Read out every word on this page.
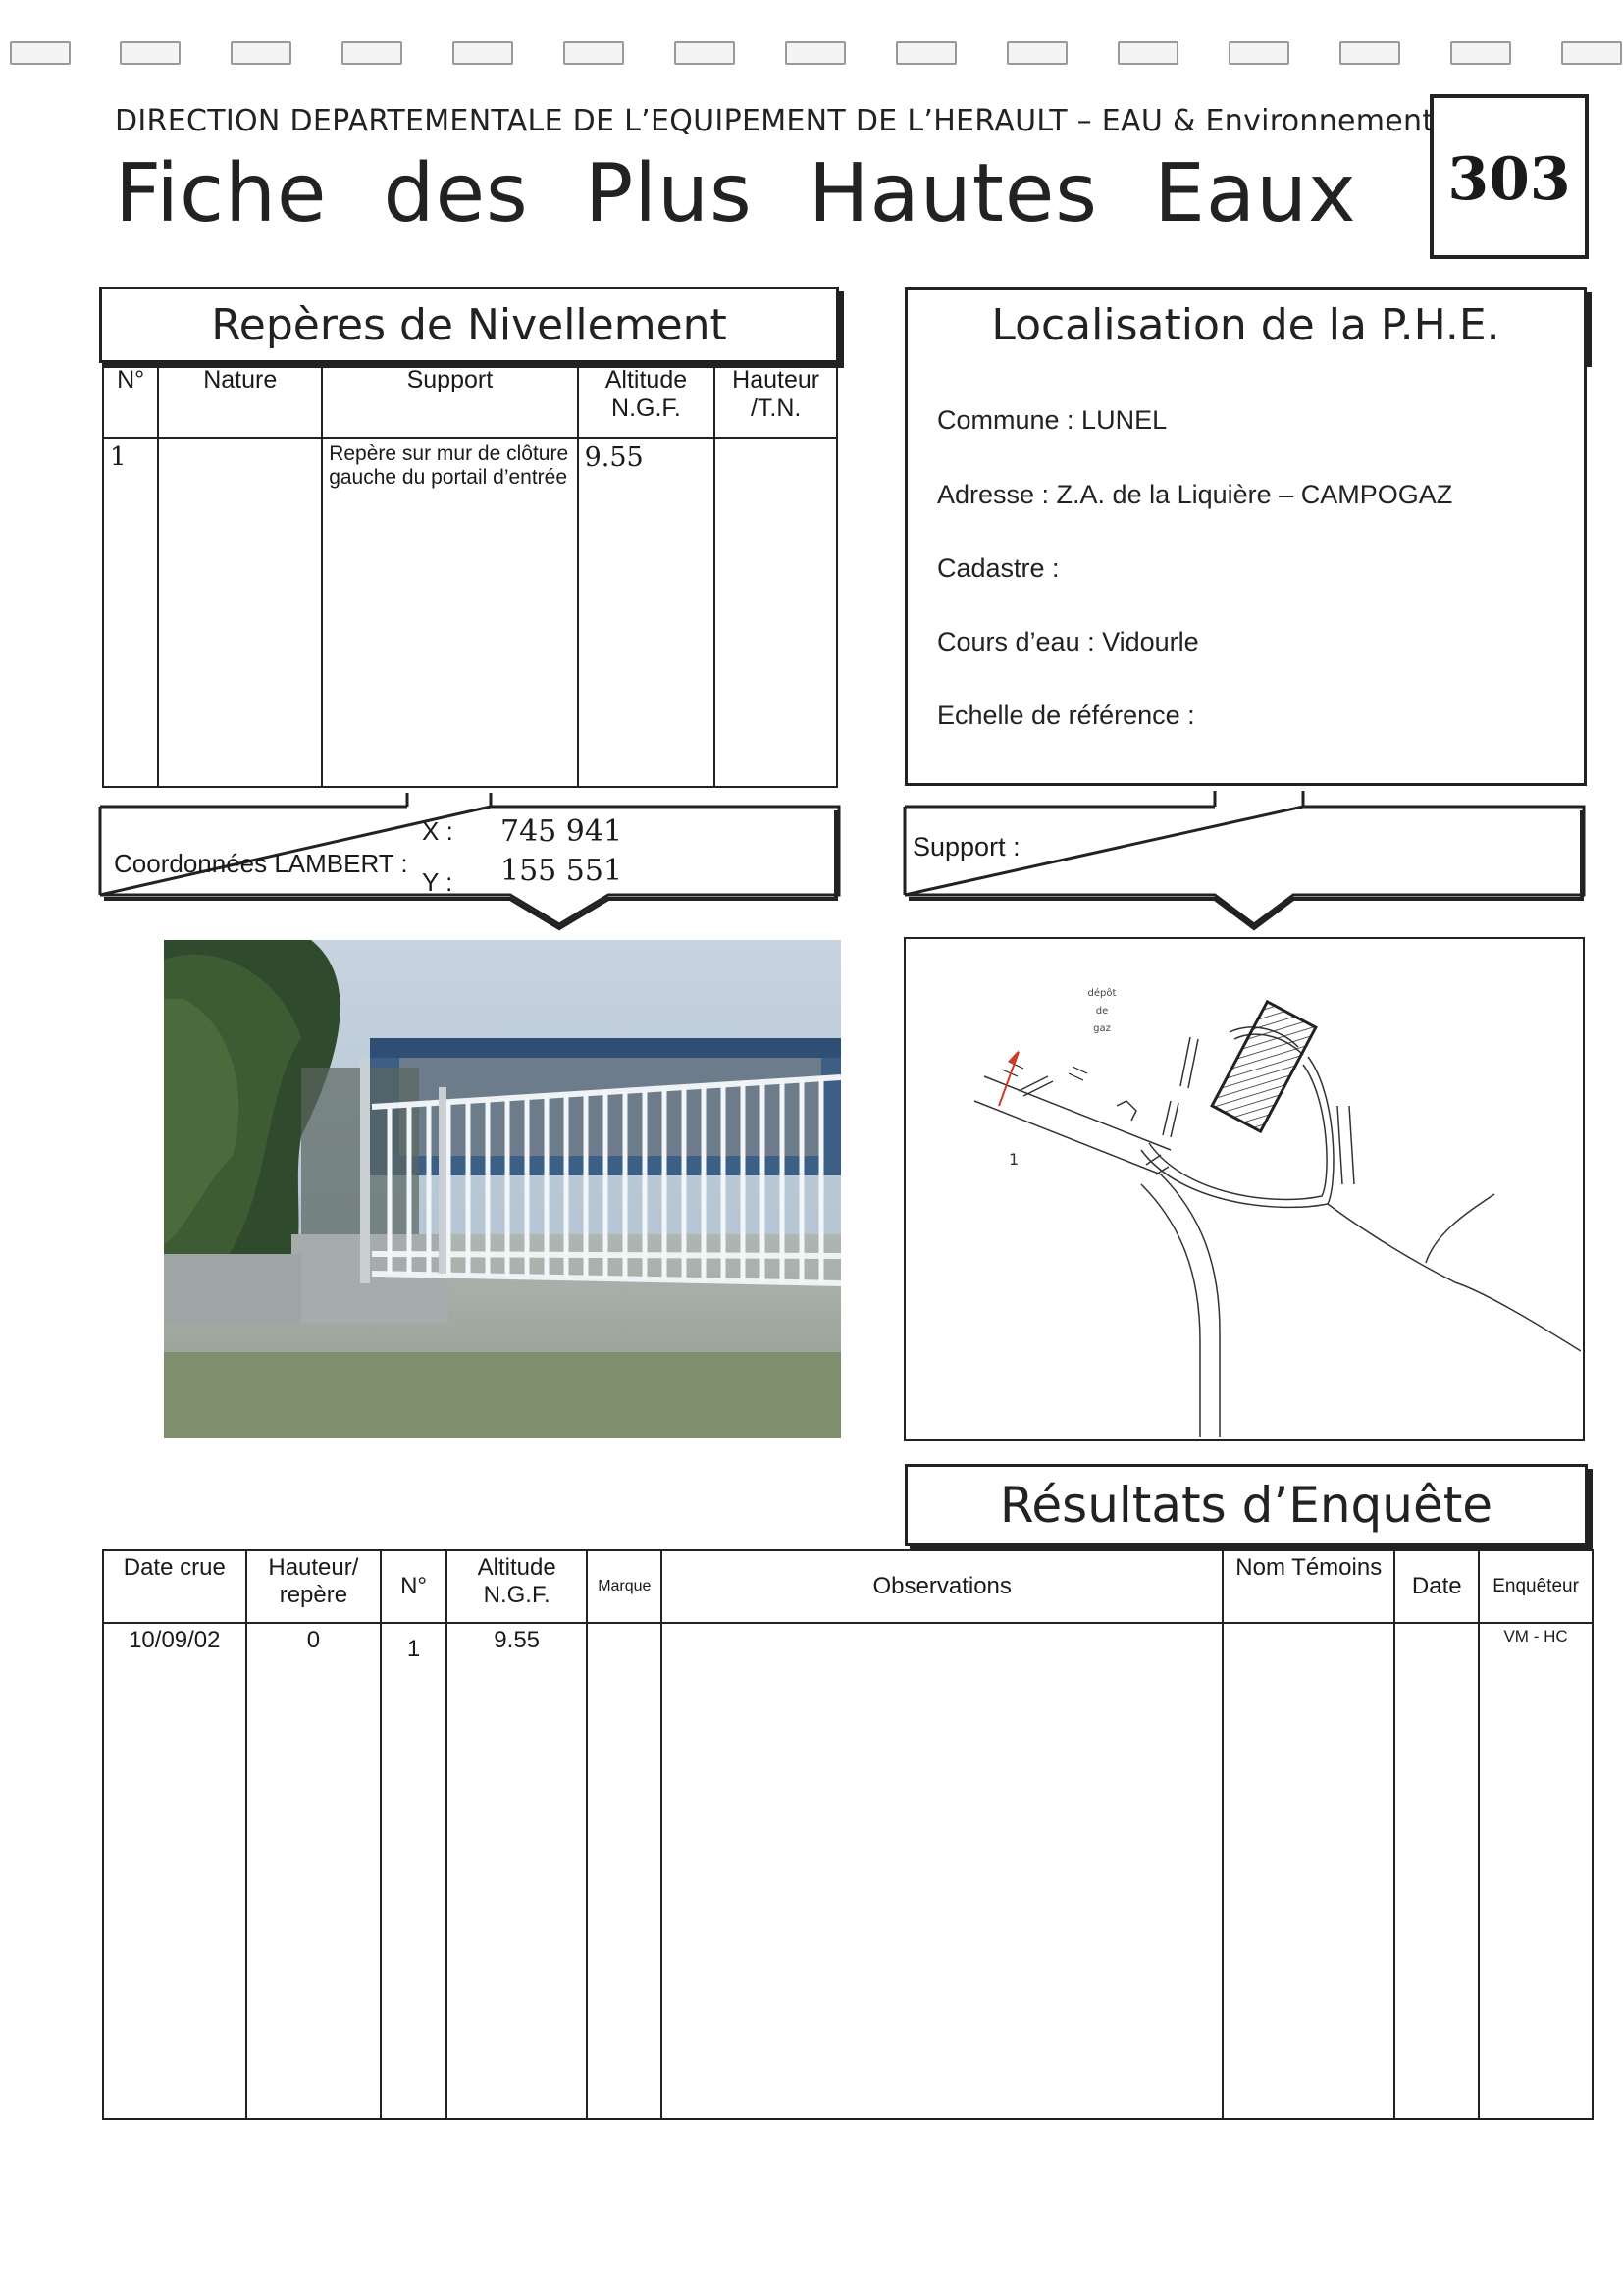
DIRECTION DEPARTEMENTALE DE L’EQUIPEMENT DE L’HERAULT – EAU & Environnement
Fiche des Plus Hautes Eaux 303
Repères de Nivellement
N°	Nature	Support	Altitude N.G.F.	Hauteur /T.N.
1		Repère sur mur de clôture gauche du portail d’entrée	9.55	
Coordonnées LAMBERT :
X : 745 941
Y : 155 551
Localisation de la P.H.E.
Commune : LUNEL
Adresse : Z.A. de la Liquière – CAMPOGAZ
Cadastre :
Cours d’eau : Vidourle
Echelle de référence :
Support :
dépôt
de
gaz
1
Résultats d’Enquête
Date crue	Hauteur/ repère	N°	Altitude N.G.F.	Marque	Observations	Nom Témoins	Date	Enquêteur
10/09/02	0	1	9.55					VM - HC
